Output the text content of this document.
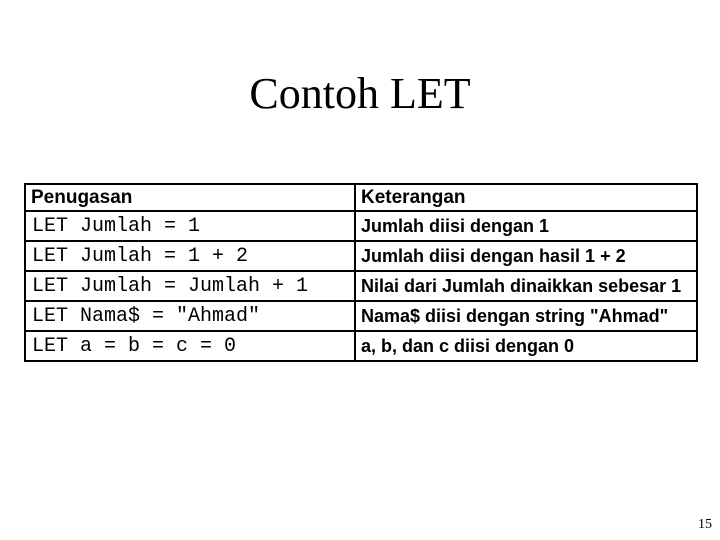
Contoh LET
Penugasan	Keterangan
LET Jumlah = 1	Jumlah diisi dengan 1
LET Jumlah = 1 + 2	Jumlah diisi dengan hasil 1 + 2
LET Jumlah = Jumlah + 1	Nilai dari Jumlah dinaikkan sebesar 1
LET Nama$ = "Ahmad"	Nama$ diisi dengan string "Ahmad"
LET a = b = c = 0	a, b, dan c diisi dengan 0
15
